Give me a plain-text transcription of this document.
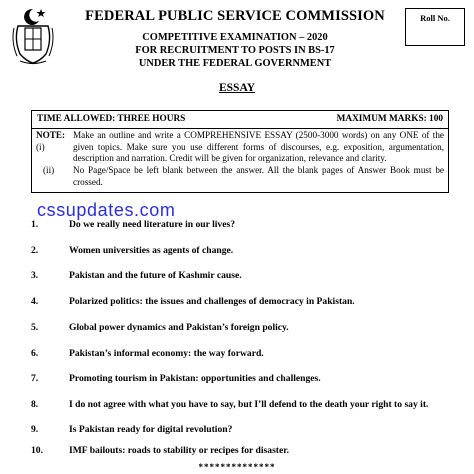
FEDERAL PUBLIC SERVICE COMMISSION
COMPETITIVE EXAMINATION – 2020
FOR RECRUITMENT TO POSTS IN BS-17
UNDER THE FEDERAL GOVERNMENT
Roll No.
ESSAY
TIME ALLOWED: THREE HOURS	MAXIMUM MARKS: 100
NOTE:(i)
Make an outline and write a COMPREHENSIVE ESSAY (2500-3000 words) on any ONE of the given topics. Make sure you use different forms of discourses, e.g. exposition, argumentation, description and narration. Credit will be given for organization, relevance and clarity.
(ii)	No Page/Space be left blank between the answer. All the blank pages of Answer Book must be crossed.
cssupdates.com
1.	Do we really need literature in our lives?
2.	Women universities as agents of change.
3.	Pakistan and the future of Kashmir cause.
4.	Polarized politics: the issues and challenges of democracy in Pakistan.
5.	Global power dynamics and Pakistan’s foreign policy.
6.	Pakistan’s informal economy: the way forward.
7.	Promoting tourism in Pakistan: opportunities and challenges.
8.	I do not agree with what you have to say, but I’ll defend to the death your right to say it.
9.	Is Pakistan ready for digital revolution?
10.	IMF bailouts: roads to stability or recipes for disaster.
**************
